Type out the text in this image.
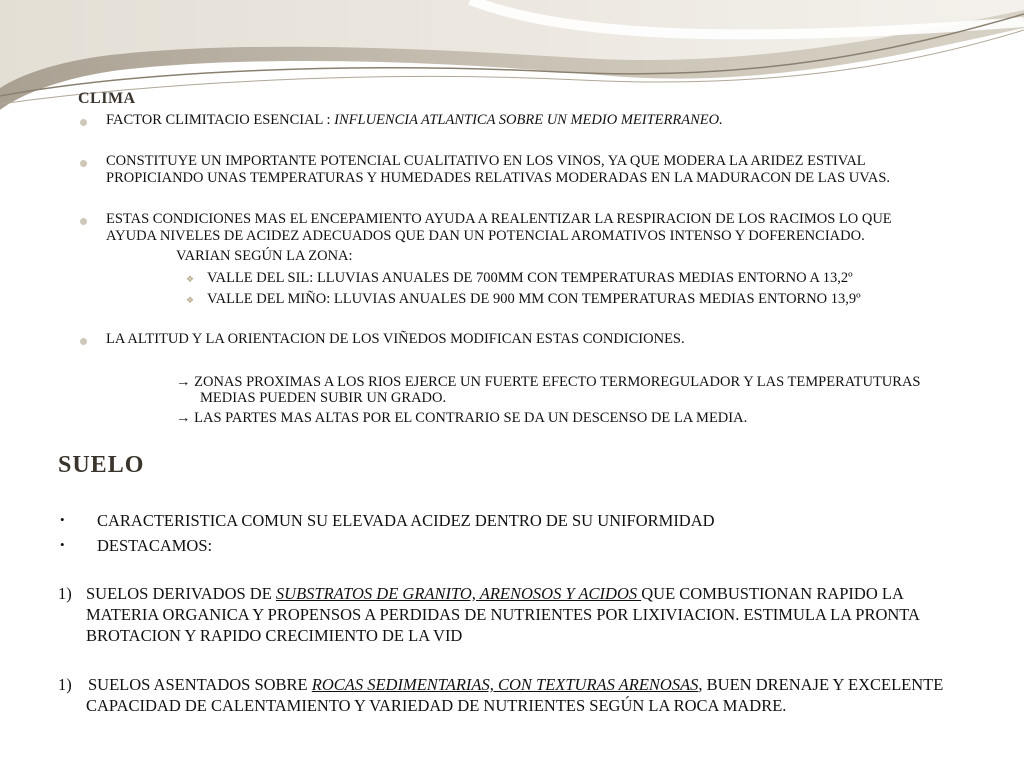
CLIMA
FACTOR CLIMITACIO ESENCIAL : INFLUENCIA ATLANTICA SOBRE UN MEDIO MEITERRANEO.
CONSTITUYE UN IMPORTANTE POTENCIAL CUALITATIVO EN LOS VINOS, YA QUE MODERA LA ARIDEZ ESTIVAL
PROPICIANDO UNAS TEMPERATURAS Y HUMEDADES RELATIVAS MODERADAS EN LA MADURACON DE LAS UVAS.
ESTAS CONDICIONES MAS EL ENCEPAMIENTO AYUDA A REALENTIZAR LA RESPIRACION DE LOS RACIMOS LO QUE
AYUDA NIVELES DE ACIDEZ ADECUADOS QUE DAN UN POTENCIAL AROMATIVOS INTENSO Y DOFERENCIADO.
VARIAN SEGÚN LA ZONA:
❖ VALLE DEL SIL: LLUVIAS ANUALES DE 700MM CON TEMPERATURAS MEDIAS ENTORNO A 13,2º
❖ VALLE DEL MIÑO: LLUVIAS ANUALES DE 900 MM CON TEMPERATURAS MEDIAS ENTORNO 13,9º
LA ALTITUD Y LA ORIENTACION DE LOS VIÑEDOS MODIFICAN ESTAS CONDICIONES.
→ ZONAS PROXIMAS A LOS RIOS EJERCE UN FUERTE EFECTO TERMOREGULADOR Y LAS TEMPERATUTURAS
MEDIAS PUEDEN SUBIR UN GRADO.
→ LAS PARTES MAS ALTAS POR EL CONTRARIO SE DA UN DESCENSO DE LA MEDIA.
SUELO
• CARACTERISTICA COMUN SU ELEVADA ACIDEZ DENTRO DE SU UNIFORMIDAD
• DESTACAMOS:
1) SUELOS DERIVADOS DE SUBSTRATOS DE GRANITO, ARENOSOS Y ACIDOS QUE COMBUSTIONAN RAPIDO LA
MATERIA ORGANICA Y PROPENSOS A PERDIDAS DE NUTRIENTES POR LIXIVIACION. ESTIMULA LA PRONTA
BROTACION Y RAPIDO CRECIMIENTO DE LA VID
1) SUELOS ASENTADOS SOBRE ROCAS SEDIMENTARIAS, CON TEXTURAS ARENOSAS, BUEN DRENAJE Y EXCELENTE
CAPACIDAD DE CALENTAMIENTO Y VARIEDAD DE NUTRIENTES SEGÚN LA ROCA MADRE.
